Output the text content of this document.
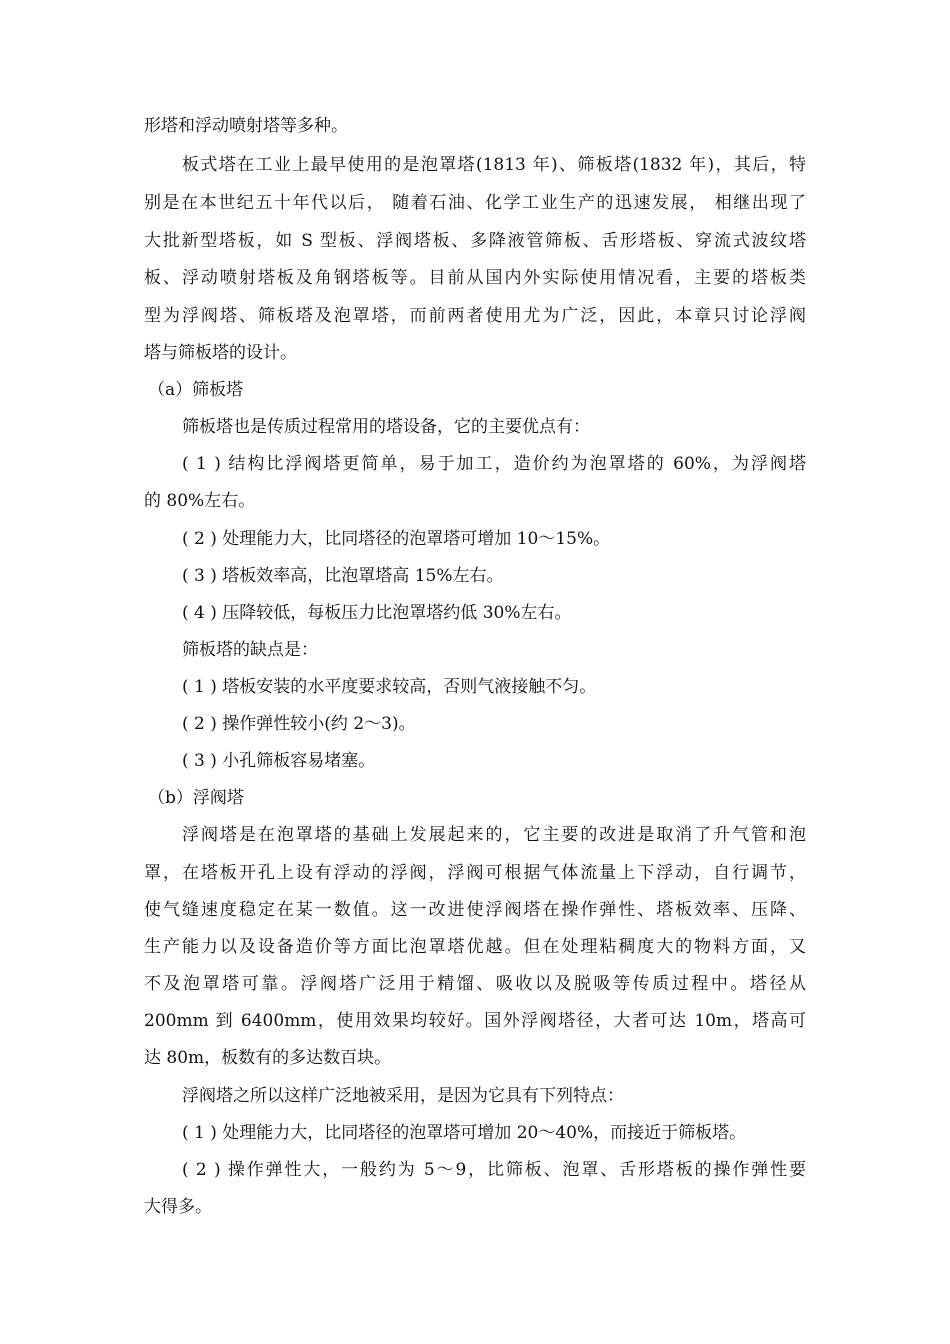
形塔和浮动喷射塔等多种。
板式塔在工业上最早使用的是泡罩塔(1813 年)、筛板塔(1832 年)，其后，特
别是在本世纪五十年代以后， 随着石油、化学工业生产的迅速发展， 相继出现了
大批新型塔板，如 S 型板、浮阀塔板、多降液管筛板、舌形塔板、穿流式波纹塔
板、浮动喷射塔板及角钢塔板等。目前从国内外实际使用情况看，主要的塔板类
型为浮阀塔、筛板塔及泡罩塔，而前两者使用尤为广泛，因此，本章只讨论浮阀
塔与筛板塔的设计。
（a）筛板塔
筛板塔也是传质过程常用的塔设备，它的主要优点有：
( 1 ) 结构比浮阀塔更简单，易于加工，造价约为泡罩塔的 60%，为浮阀塔
的 80%左右。
( 2 ) 处理能力大，比同塔径的泡罩塔可增加 10～15%。
( 3 ) 塔板效率高，比泡罩塔高 15%左右。
( 4 ) 压降较低，每板压力比泡罩塔约低 30%左右。
筛板塔的缺点是：
( 1 ) 塔板安装的水平度要求较高，否则气液接触不匀。
( 2 ) 操作弹性较小(约 2～3)。
( 3 ) 小孔筛板容易堵塞。
（b）浮阀塔
浮阀塔是在泡罩塔的基础上发展起来的，它主要的改进是取消了升气管和泡
罩，在塔板开孔上设有浮动的浮阀，浮阀可根据气体流量上下浮动，自行调节，
使气缝速度稳定在某一数值。这一改进使浮阀塔在操作弹性、塔板效率、压降、
生产能力以及设备造价等方面比泡罩塔优越。但在处理粘稠度大的物料方面，又
不及泡罩塔可靠。浮阀塔广泛用于精馏、吸收以及脱吸等传质过程中。塔径从
200mm 到 6400mm，使用效果均较好。国外浮阀塔径，大者可达 10m，塔高可
达 80m，板数有的多达数百块。
浮阀塔之所以这样广泛地被采用，是因为它具有下列特点：
( 1 ) 处理能力大，比同塔径的泡罩塔可增加 20～40%，而接近于筛板塔。
( 2 ) 操作弹性大，一般约为 5～9，比筛板、泡罩、舌形塔板的操作弹性要
大得多。
